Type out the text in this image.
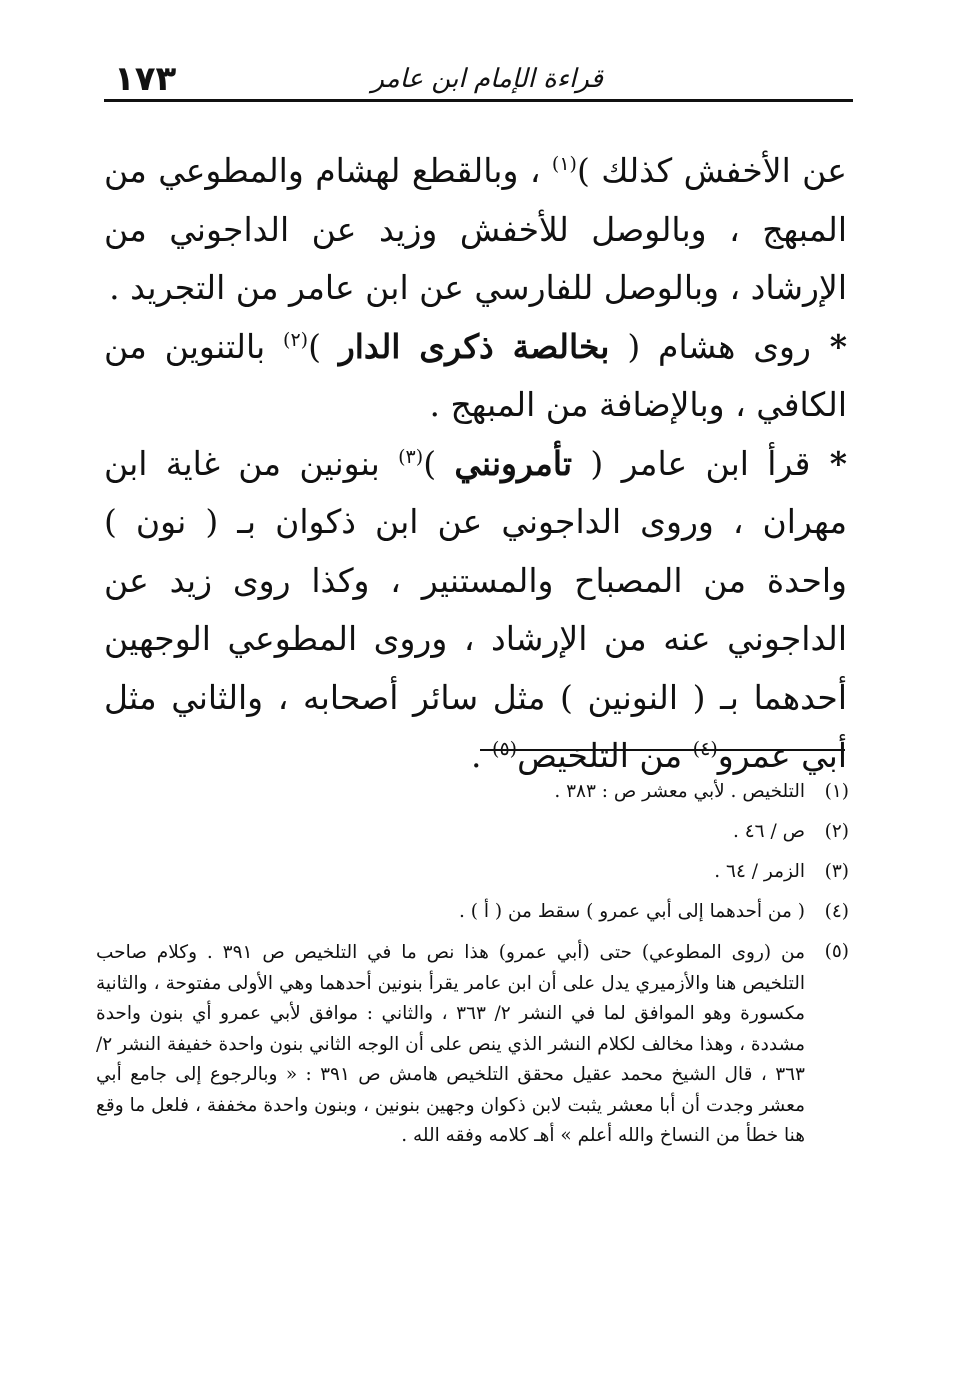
١٧٣	قراءة الإمام ابن عامر

عن الأخفش كذلك )$^{(١)}$ ، وبالقطع لهشام والمطوعي من المبهج ، وبالوصل للأخفش وزيد عن الداجوني من الإرشاد ، وبالوصل للفارسي عن ابن عامر من التجريد .

* روى هشام ( بخالصة ذكرى الدار )$^{(٢)}$ بالتنوين من الكافي ، وبالإضافة من المبهج .

* قرأ ابن عامر ( تأمرونني )$^{(٣)}$ بنونين من غاية ابن مهران ، وروى الداجوني عن ابن ذكوان بـ ( نون ) واحدة من المصباح والمستنير ، وكذا روى زيد عن الداجوني عنه من الإرشاد ، وروى المطوعي الوجهين أحدهما بـ ( النونين ) مثل سائر أصحابه ، والثاني مثل أبي عمرو$^{(٤)}$ من التلخيص$^{(٥)}$ .

(١)
التلخيص . لأبي معشر ص : ٣٨٣ .
(٢)
ص / ٤٦ .
(٣)
الزمر / ٦٤ .
(٤)
( من أحدهما إلى أبي عمرو ) سقط من ( أ ) .
(٥)
من (روى المطوعي) حتى (أبي عمرو) هذا نص ما في التلخيص ص ٣٩١ . وكلام صاحب التلخيص هنا والأزميري يدل على أن ابن عامر يقرأ بنونين أحدهما وهي الأولى مفتوحة ، والثانية مكسورة وهو الموافق لما في النشر ٢/ ٣٦٣ ، والثاني : موافق لأبي عمرو أي بنون واحدة مشددة ، وهذا مخالف لكلام النشر الذي ينص على أن الوجه الثاني بنون واحدة خفيفة النشر ٢/ ٣٦٣ ، قال الشيخ محمد عقيل محقق التلخيص هامش ص ٣٩١ : « وبالرجوع إلى جامع أبي معشر وجدت أن أبا معشر يثبت لابن ذكوان وجهين بنونين ، وبنون واحدة مخففة ، فلعل ما وقع هنا خطأ من النساخ والله أعلم » أهـ كلامه وفقه الله .
